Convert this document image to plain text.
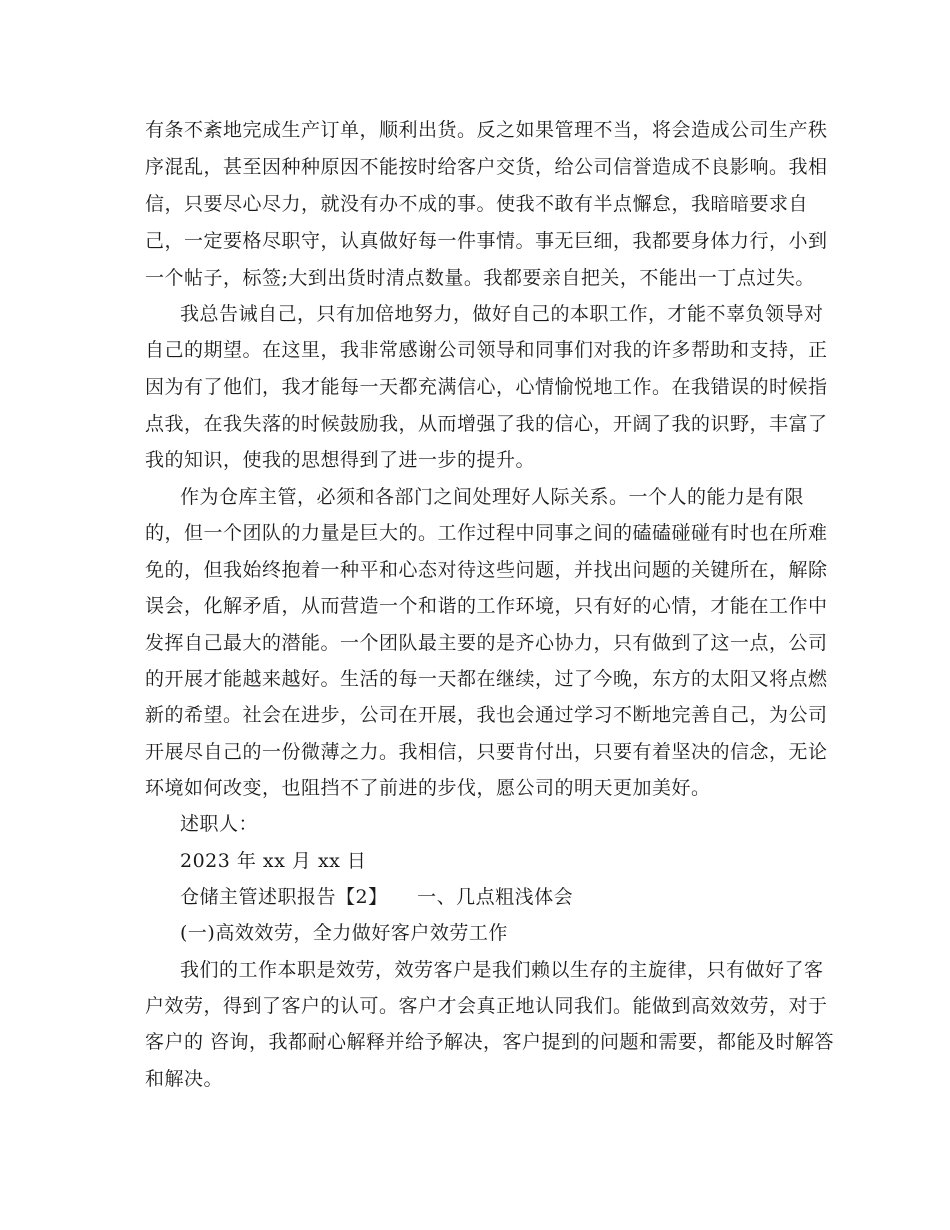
有条不紊地完成生产订单，顺利出货。反之如果管理不当，将会造成公司生产秩
序混乱，甚至因种种原因不能按时给客户交货，给公司信誉造成不良影响。我相
信，只要尽心尽力，就没有办不成的事。使我不敢有半点懈怠，我暗暗要求自
己，一定要格尽职守，认真做好每一件事情。事无巨细，我都要身体力行，小到
一个帖子，标签;大到出货时清点数量。我都要亲自把关，不能出一丁点过失。
我总告诫自己，只有加倍地努力，做好自己的本职工作，才能不辜负领导对
自己的期望。在这里，我非常感谢公司领导和同事们对我的许多帮助和支持，正
因为有了他们，我才能每一天都充满信心，心情愉悦地工作。在我错误的时候指
点我，在我失落的时候鼓励我，从而增强了我的信心，开阔了我的识野，丰富了
我的知识，使我的思想得到了进一步的提升。
作为仓库主管，必须和各部门之间处理好人际关系。一个人的能力是有限
的，但一个团队的力量是巨大的。工作过程中同事之间的磕磕碰碰有时也在所难
免的，但我始终抱着一种平和心态对待这些问题，并找出问题的关键所在，解除
误会，化解矛盾，从而营造一个和谐的工作环境，只有好的心情，才能在工作中
发挥自己最大的潜能。一个团队最主要的是齐心协力，只有做到了这一点，公司
的开展才能越来越好。生活的每一天都在继续，过了今晚，东方的太阳又将点燃
新的希望。社会在进步，公司在开展，我也会通过学习不断地完善自己，为公司
开展尽自己的一份微薄之力。我相信，只要肯付出，只要有着坚决的信念，无论
环境如何改变，也阻挡不了前进的步伐，愿公司的明天更加美好。
述职人：
2023 年 xx 月 xx 日
仓储主管述职报告【2】　　一、几点粗浅体会
(一)高效效劳，全力做好客户效劳工作
我们的工作本职是效劳，效劳客户是我们赖以生存的主旋律，只有做好了客
户效劳，得到了客户的认可。客户才会真正地认同我们。能做到高效效劳，对于
客户的 咨询，我都耐心解释并给予解决，客户提到的问题和需要，都能及时解答
和解决。
